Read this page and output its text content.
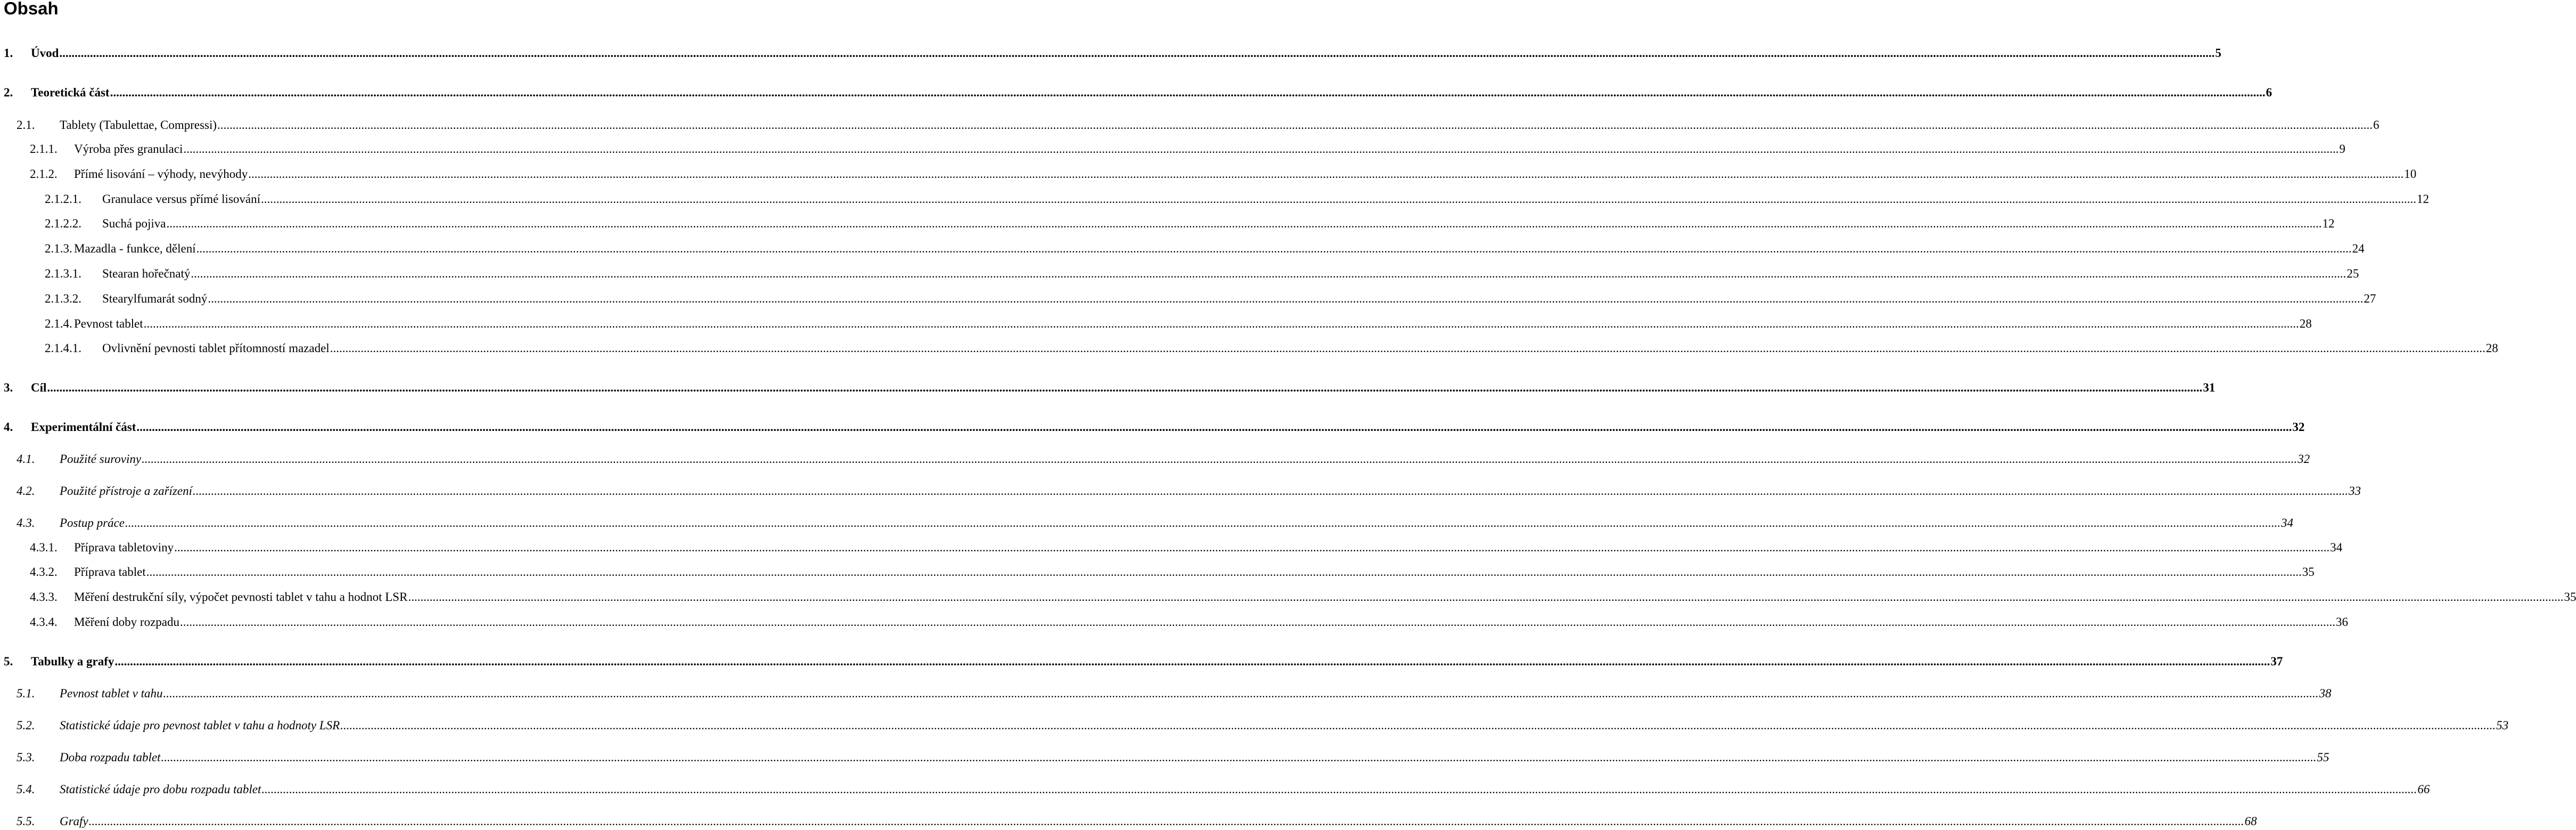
Obsah
1. Úvod ................................................................................................................................................................................................................................................................................................................................................................................................................................................................................................................................................................................................................................................................................................................................ 5
2. Teoretická část ................................................................................................................................................................................................................................................................................................................................................................................................................................................................................................................................................................................................................................................................................................................................ 6
2.1. Tablety (Tabulettae, Compressi) ................................................................................................................................................................................................................................................................................................................................................................................................................................................................................................................................................................................................................................................................................................................................ 6
2.1.1. Výroba přes granulaci ................................................................................................................................................................................................................................................................................................................................................................................................................................................................................................................................................................................................................................................................................................................................ 9
2.1.2. Přímé lisování – výhody, nevýhody ................................................................................................................................................................................................................................................................................................................................................................................................................................................................................................................................................................................................................................................................................................................................ 10
2.1.2.1. Granulace versus přímé lisování ................................................................................................................................................................................................................................................................................................................................................................................................................................................................................................................................................................................................................................................................................................................................ 12
2.1.2.2. Suchá pojiva ................................................................................................................................................................................................................................................................................................................................................................................................................................................................................................................................................................................................................................................................................................................................ 12
2.1.3. Mazadla - funkce, dělení ................................................................................................................................................................................................................................................................................................................................................................................................................................................................................................................................................................................................................................................................................................................................ 24
2.1.3.1. Stearan hořečnatý ................................................................................................................................................................................................................................................................................................................................................................................................................................................................................................................................................................................................................................................................................................................................ 25
2.1.3.2. Stearylfumarát sodný ................................................................................................................................................................................................................................................................................................................................................................................................................................................................................................................................................................................................................................................................................................................................ 27
2.1.4. Pevnost tablet ................................................................................................................................................................................................................................................................................................................................................................................................................................................................................................................................................................................................................................................................................................................................ 28
2.1.4.1. Ovlivnění pevnosti tablet přítomností mazadel ................................................................................................................................................................................................................................................................................................................................................................................................................................................................................................................................................................................................................................................................................................................................ 28
3. Cíl ................................................................................................................................................................................................................................................................................................................................................................................................................................................................................................................................................................................................................................................................................................................................ 31
4. Experimentální část ................................................................................................................................................................................................................................................................................................................................................................................................................................................................................................................................................................................................................................................................................................................................ 32
4.1. Použité suroviny ................................................................................................................................................................................................................................................................................................................................................................................................................................................................................................................................................................................................................................................................................................................................ 32
4.2. Použité přístroje a zařízení ................................................................................................................................................................................................................................................................................................................................................................................................................................................................................................................................................................................................................................................................................................................................ 33
4.3. Postup práce ................................................................................................................................................................................................................................................................................................................................................................................................................................................................................................................................................................................................................................................................................................................................ 34
4.3.1. Příprava tabletoviny ................................................................................................................................................................................................................................................................................................................................................................................................................................................................................................................................................................................................................................................................................................................................ 34
4.3.2. Příprava tablet ................................................................................................................................................................................................................................................................................................................................................................................................................................................................................................................................................................................................................................................................................................................................ 35
4.3.3. Měření destrukční síly, výpočet pevnosti tablet v tahu a hodnot LSR ................................................................................................................................................................................................................................................................................................................................................................................................................................................................................................................................................................................................................................................................................................................................ 35
4.3.4. Měření doby rozpadu ................................................................................................................................................................................................................................................................................................................................................................................................................................................................................................................................................................................................................................................................................................................................ 36
5. Tabulky a grafy ................................................................................................................................................................................................................................................................................................................................................................................................................................................................................................................................................................................................................................................................................................................................ 37
5.1. Pevnost tablet v tahu ................................................................................................................................................................................................................................................................................................................................................................................................................................................................................................................................................................................................................................................................................................................................ 38
5.2. Statistické údaje pro pevnost tablet v tahu a hodnoty LSR ................................................................................................................................................................................................................................................................................................................................................................................................................................................................................................................................................................................................................................................................................................................................ 53
5.3. Doba rozpadu tablet ................................................................................................................................................................................................................................................................................................................................................................................................................................................................................................................................................................................................................................................................................................................................ 55
5.4. Statistické údaje pro dobu rozpadu tablet ................................................................................................................................................................................................................................................................................................................................................................................................................................................................................................................................................................................................................................................................................................................................ 66
5.5. Grafy ................................................................................................................................................................................................................................................................................................................................................................................................................................................................................................................................................................................................................................................................................................................................ 68
